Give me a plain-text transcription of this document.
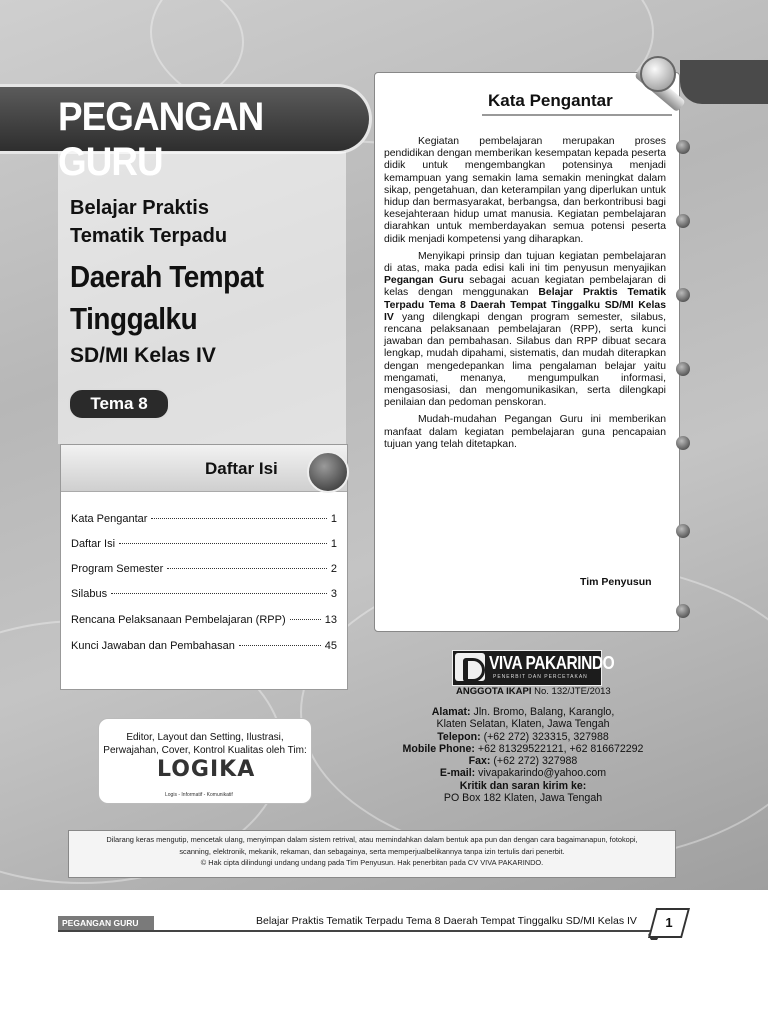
PEGANGAN
Belajar Praktis
Tematik Terpadu
Daerah Tempat
Tinggalku
SD/MI Kelas IV
Tema 8
Daftar Isi
Kata Pengantar	1
Daftar Isi	1
Program Semester	2
Silabus	3
Rencana Pelaksanaan Pembelajaran (RPP)	13
Kunci Jawaban dan Pembahasan	45
Editor, Layout dan Setting, Ilustrasi,
Perwajahan, Cover, Kontrol Kualitas oleh Tim:
LOGIKA
Logis - Informatif - Komunikatif
Kata Pengantar

Kegiatan pembelajaran merupakan proses pendidikan dengan memberikan kesempatan kepada peserta didik untuk mengembangkan potensinya menjadi kemampuan yang semakin lama semakin meningkat dalam sikap, pengetahuan, dan keterampilan yang diperlukan untuk hidup dan bermasyarakat, berbangsa, dan berkontribusi bagi kesejahteraan hidup umat manusia. Kegiatan pembelajaran diarahkan untuk memberdayakan semua potensi peserta didik menjadi kompetensi yang diharapkan.

Menyikapi prinsip dan tujuan kegiatan pembelajaran di atas, maka pada edisi kali ini tim penyusun menyajikan Pegangan Guru sebagai acuan kegiatan pembelajaran di kelas dengan menggunakan Belajar Praktis Tematik Terpadu Tema 8 Daerah Tempat Tinggalku SD/MI Kelas IV yang dilengkapi dengan program semester, silabus, rencana pelaksanaan pembelajaran (RPP), serta kunci jawaban dan pembahasan. Silabus dan RPP dibuat secara lengkap, mudah dipahami, sistematis, dan mudah diterapkan dengan mengedepankan lima pengalaman belajar yaitu mengamati, menanya, mengumpulkan informasi, mengasosiasi, dan mengomunikasikan, serta dilengkapi penilaian dan pedoman penskoran.

Mudah-mudahan Pegangan Guru ini memberikan manfaat dalam kegiatan pembelajaran guna pencapaian tujuan yang telah ditetapkan.

Tim Penyusun
VIVA PAKARINDO
PENERBIT DAN PERCETAKAN
ANGGOTA IKAPI No. 132/JTE/2013
Alamat: Jln. Bromo, Balang, Karanglo,
Klaten Selatan, Klaten, Jawa Tengah
Telepon: (+62 272) 323315, 327988
Mobile Phone: +62 81329522121, +62 816672292
Fax: (+62 272) 327988
E-mail: vivapakarindo@yahoo.com
Kritik dan saran kirim ke:
PO Box 182 Klaten, Jawa Tengah
Dilarang keras mengutip, mencetak ulang, menyimpan dalam sistem retrival, atau memindahkan dalam bentuk apa pun dan dengan cara bagaimanapun, fotokopi,
scanning, elektronik, mekanik, rekaman, dan sebagainya, serta memperjualbelikannya tanpa izin tertulis dari penerbit.
© Hak cipta dilindungi undang undang pada Tim Penyusun. Hak penerbitan pada CV VIVA PAKARINDO.
PEGANGAN GURU	Belajar Praktis Tematik Terpadu Tema 8 Daerah Tempat Tinggalku SD/MI Kelas IV	1
